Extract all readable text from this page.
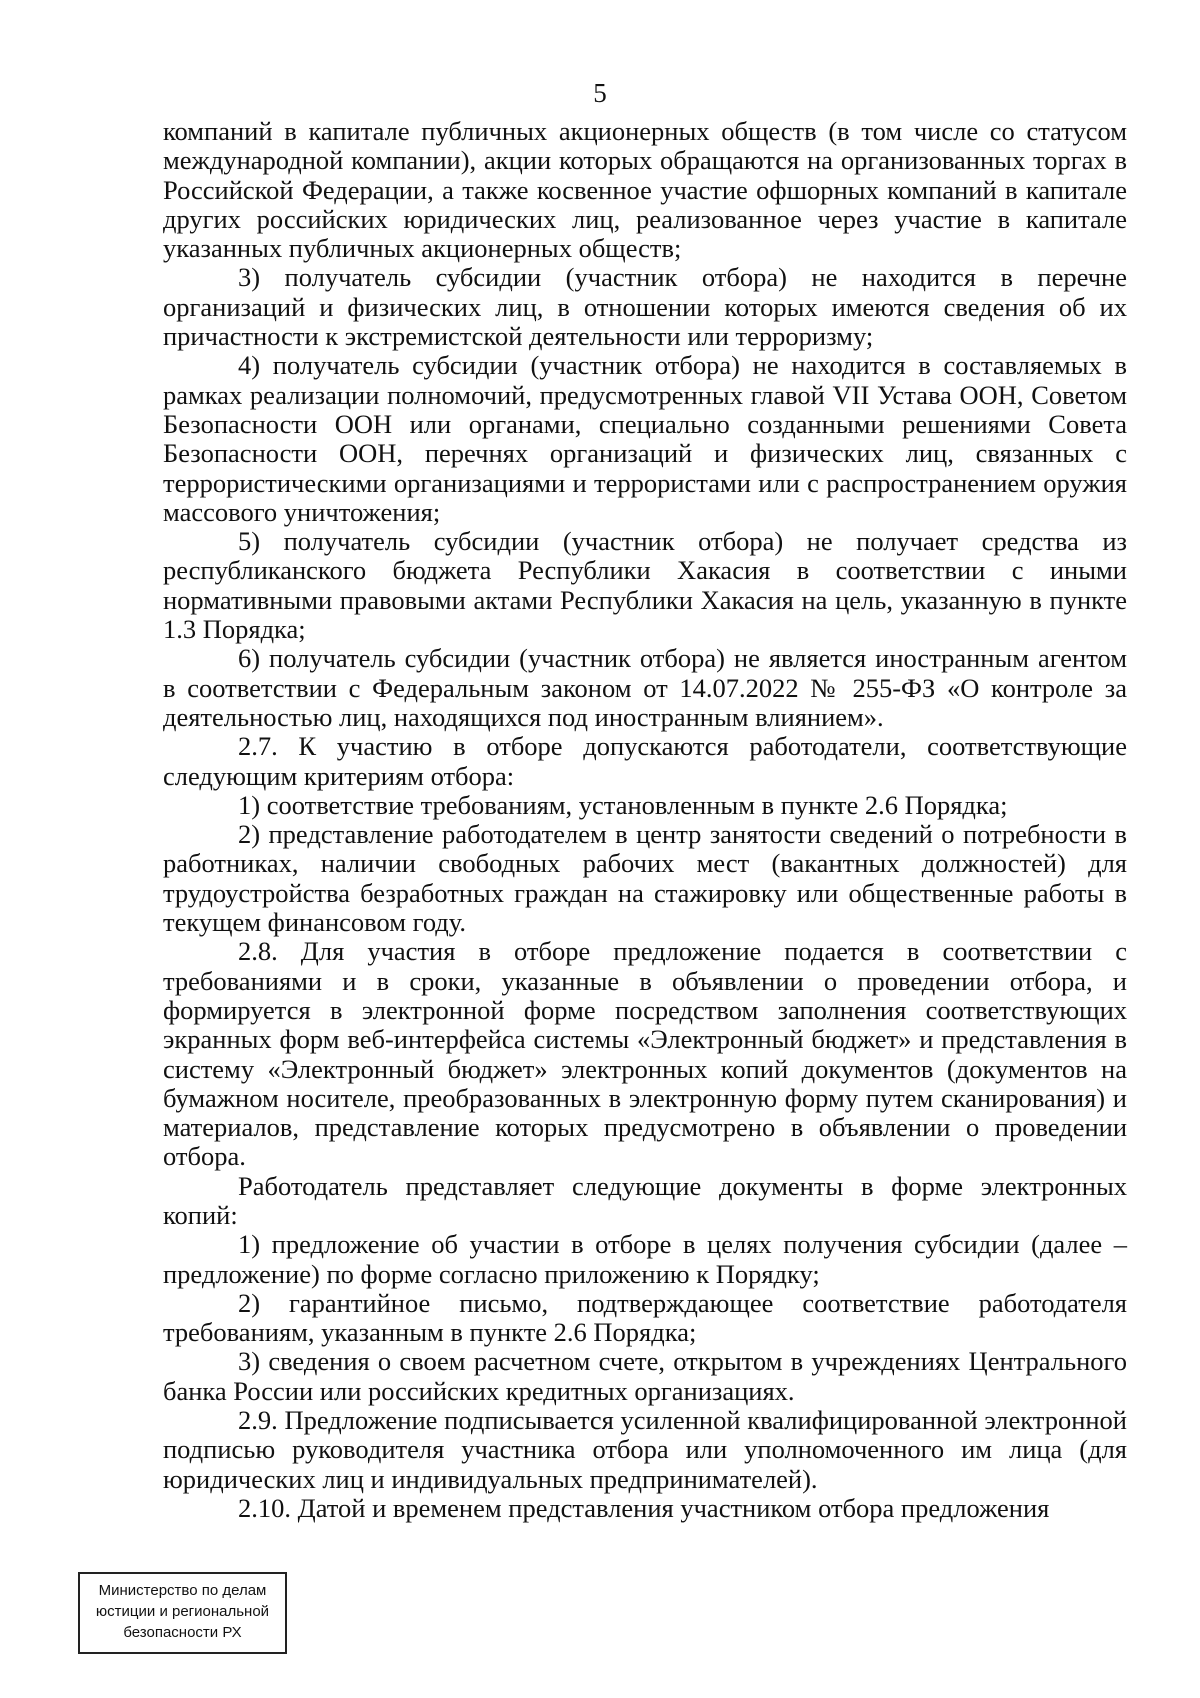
5

компаний в капитале публичных акционерных обществ (в том числе со статусом международной компании), акции которых обращаются на организованных торгах в Российской Федерации, а также косвенное участие офшорных компаний в капитале других российских юридических лиц, реализованное через участие в капитале указанных публичных акционерных обществ;

3) получатель субсидии (участник отбора) не находится в перечне организаций и физических лиц, в отношении которых имеются сведения об их причастности к экстремистской деятельности или терроризму;

4) получатель субсидии (участник отбора) не находится в составляемых в рамках реализации полномочий, предусмотренных главой VII Устава ООН, Советом Безопасности ООН или органами, специально созданными решениями Совета Безопасности ООН, перечнях организаций и физических лиц, связанных с террористическими организациями и террористами или с распространением оружия массового уничтожения;

5) получатель субсидии (участник отбора) не получает средства из республиканского бюджета Республики Хакасия в соответствии с иными нормативными правовыми актами Республики Хакасия на цель, указанную в пункте 1.3 Порядка;

6) получатель субсидии (участник отбора) не является иностранным агентом в соответствии с Федеральным законом от 14.07.2022 № 255-ФЗ «О контроле за деятельностью лиц, находящихся под иностранным влиянием».

2.7. К участию в отборе допускаются работодатели, соответствующие следующим критериям отбора:

1) соответствие требованиям, установленным в пункте 2.6 Порядка;

2) представление работодателем в центр занятости сведений о потребности в работниках, наличии свободных рабочих мест (вакантных должностей) для трудоустройства безработных граждан на стажировку или общественные работы в текущем финансовом году.

2.8. Для участия в отборе предложение подается в соответствии с требованиями и в сроки, указанные в объявлении о проведении отбора, и формируется в электронной форме посредством заполнения соответствующих экранных форм веб-интерфейса системы «Электронный бюджет» и представления в систему «Электронный бюджет» электронных копий документов (документов на бумажном носителе, преобразованных в электронную форму путем сканирования) и материалов, представление которых предусмотрено в объявлении о проведении отбора.

Работодатель представляет следующие документы в форме электронных копий:

1) предложение об участии в отборе в целях получения субсидии (далее – предложение) по форме согласно приложению к Порядку;

2) гарантийное письмо, подтверждающее соответствие работодателя требованиям, указанным в пункте 2.6 Порядка;

3) сведения о своем расчетном счете, открытом в учреждениях Центрального банка России или российских кредитных организациях.

2.9. Предложение подписывается усиленной квалифицированной электронной подписью руководителя участника отбора или уполномоченного им лица (для юридических лиц и индивидуальных предпринимателей).

2.10. Датой и временем представления участником отбора предложения

Министерство по делам
юстиции и региональной
безопасности РХ
